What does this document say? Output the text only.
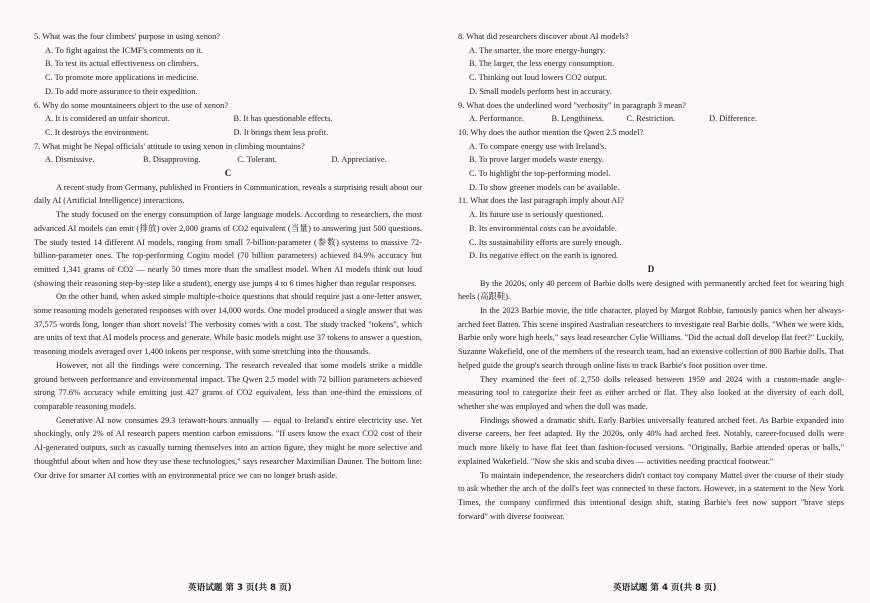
5. What was the four climbers' purpose in using xenon?

A. To fight against the ICMF's comments on it.

B. To test its actual effectiveness on climbers.

C. To promote more applications in medicine.

D. To add more assurance to their expedition.

6. Why do some mountaineers object to the use of xenon?

A. It is considered an unfair shortcut.	B. It has questionable effects.
C. It destroys the environment.	D. It brings them less profit.

7. What might be Nepal officials' attitude to using xenon in climbing mountains?

A. Dismissive.	B. Disapproving.	C. Tolerant.	D. Appreciative.

C

A recent study from Germany, published in Frontiers in Communication, reveals a surprising result about our daily AI (Artificial Intelligence) interactions.

The study focused on the energy consumption of large language models. According to researchers, the most advanced AI models can emit (排放) over 2,000 grams of CO2 equivalent (当量) to answering just 500 questions. The study tested 14 different AI models, ranging from small 7-billion-parameter (参数) systems to massive 72-billion-parameter ones. The top-performing Cogito model (70 billion parameters) achieved 84.9% accuracy but emitted 1,341 grams of CO2 — nearly 50 times more than the smallest model. When AI models think out loud (showing their reasoning step-by-step like a student), energy use jumps 4 to 6 times higher than regular responses.

On the other hand, when asked simple multiple-choice questions that should require just a one-letter answer, some reasoning models generated responses with over 14,000 words. One model produced a single answer that was 37,575 words long, longer than short novels! The verbosity comes with a cost. The study tracked "tokens", which are units of text that AI models process and generate. While basic models might use 37 tokens to answer a question, reasoning models averaged over 1,400 tokens per response, with some stretching into the thousands.

However, not all the findings were concerning. The research revealed that some models strike a middle ground between performance and environmental impact. The Qwen 2.5 model with 72 billion parameters achieved strong 77.6% accuracy while emitting just 427 grams of CO2 equivalent, less than one-third the emissions of comparable reasoning models.

Generative AI now consumes 29.3 terawatt-hours annually — equal to Ireland's entire electricity use. Yet shockingly, only 2% of AI research papers mention carbon emissions. "If users know the exact CO2 cost of their AI-generated outputs, such as casually turning themselves into an action figure, they might be more selective and thoughtful about when and how they use these technologies," says researcher Maximilian Dauner. The bottom line: Our drive for smarter AI comes with an environmental price we can no longer brush aside.

8. What did researchers discover about AI models?

A. The smarter, the more energy-hungry.

B. The larger, the less energy consumption.

C. Thinking out loud lowers CO2 output.

D. Small models perform best in accuracy.

9. What does the underlined word "verbosity" in paragraph 3 mean?

A. Performance.	B. Lengthiness.	C. Restriction.	D. Difference.

10. Why does the author mention the Qwen 2.5 model?

A. To compare energy use with Ireland's.

B. To prove larger models waste energy.

C. To highlight the top-performing model.

D. To show greener models can be available.

11. What does the last paragraph imply about AI?

A. Its future use is seriously questioned.

B. Its environmental costs can be avoidable.

C. Its sustainability efforts are surely enough.

D. Its negative effect on the earth is ignored.

D

By the 2020s, only 40 percent of Barbie dolls were designed with permanently arched feet for wearing high heels (高跟鞋).

In the 2023 Barbie movie, the title character, played by Margot Robbie, famously panics when her always-arched feet flatten. This scene inspired Australian researchers to investigate real Barbie dolls. "When we were kids, Barbie only wore high heels," says lead researcher Cylie Williams. "Did the actual doll develop flat feet?" Luckily, Suzanne Wakefield, one of the members of the research team, had an extensive collection of 800 Barbie dolls. That helped guide the group's search through online lists to track Barbie's foot position over time.

They examined the feet of 2,750 dolls released between 1959 and 2024 with a custom-made angle-measuring tool to categorize their feet as either arched or flat. They also looked at the diversity of each doll, whether she was employed and when the doll was made.

Findings showed a dramatic shift. Early Barbies universally featured arched feet. As Barbie expanded into diverse careers, her feet adapted. By the 2020s, only 40% had arched feet. Notably, career-focused dolls were much more likely to have flat feet than fashion-focused versions. "Originally, Barbie attended operas or balls," explained Wakefield. "Now she skis and scuba dives — activities needing practical footwear."

To maintain independence, the researchers didn't contact toy company Mattel over the course of their study to ask whether the arch of the doll's feet was connected to these factors. However, in a statement to the New York Times, the company confirmed this intentional design shift, stating Barbie's feet now support "brave steps forward" with diverse footwear.

英语试题 第 3 页(共 8 页)	英语试题 第 4 页(共 8 页)
